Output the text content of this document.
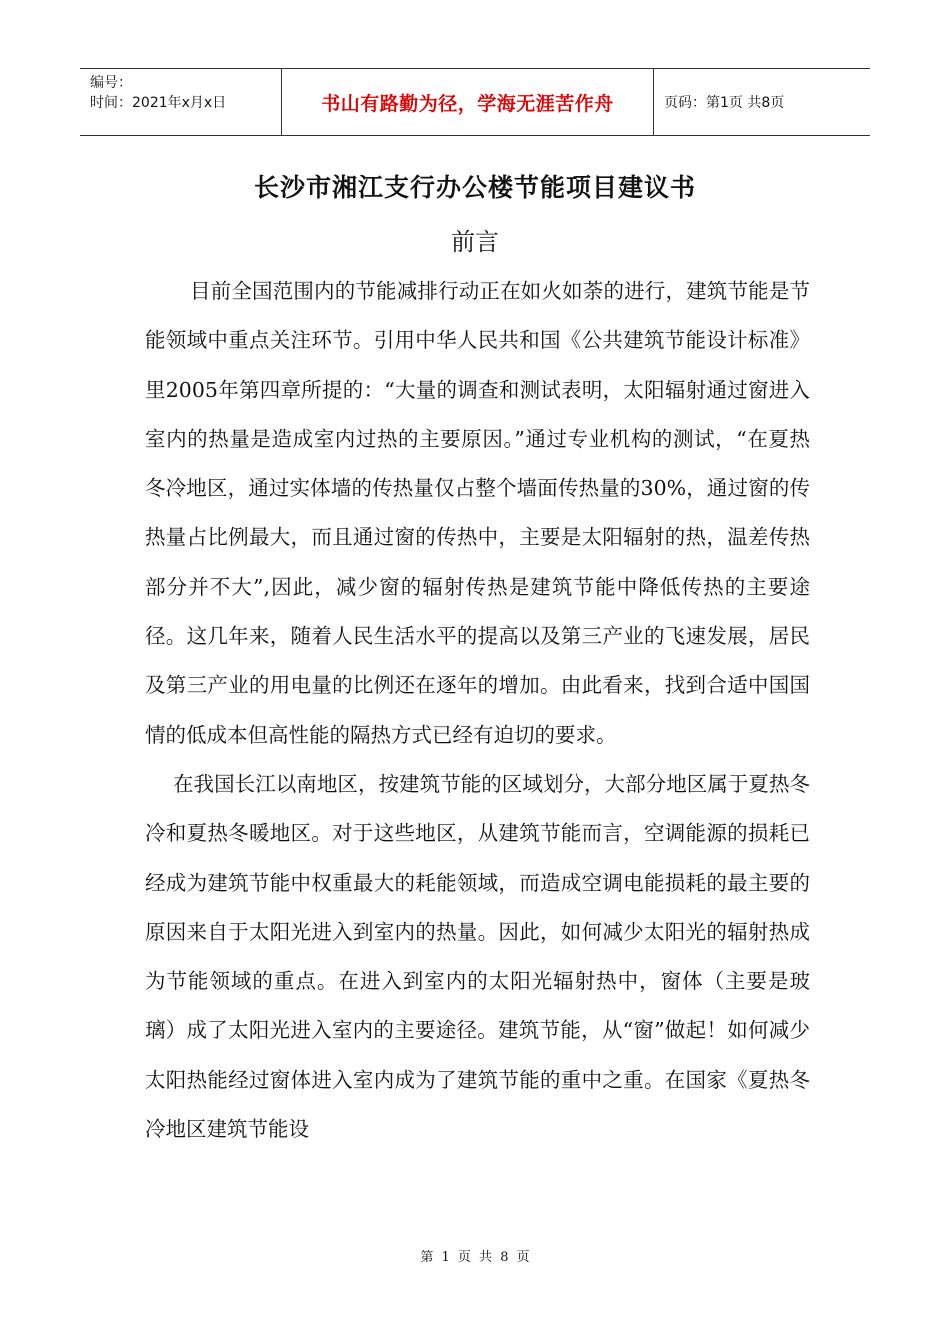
编号：
时间：2021年x月x日	书山有路勤为径，学海无涯苦作舟	页码：第1页 共8页
长沙市湘江支行办公楼节能项目建议书
前言

目前全国范围内的节能减排行动正在如火如荼的进行，建筑节能是节能领域中重点关注环节。引用中华人民共和国《公共建筑节能设计标准》里2005年第四章所提的：“大量的调查和测试表明，太阳辐射通过窗进入室内的热量是造成室内过热的主要原因。”通过专业机构的测试，“在夏热冬冷地区，通过实体墙的传热量仅占整个墙面传热量的30%，通过窗的传热量占比例最大，而且通过窗的传热中，主要是太阳辐射的热，温差传热部分并不大”,因此，减少窗的辐射传热是建筑节能中降低传热的主要途径。这几年来，随着人民生活水平的提高以及第三产业的飞速发展，居民及第三产业的用电量的比例还在逐年的增加。由此看来，找到合适中国国情的低成本但高性能的隔热方式已经有迫切的要求。

在我国长江以南地区，按建筑节能的区域划分，大部分地区属于夏热冬冷和夏热冬暖地区。对于这些地区，从建筑节能而言，空调能源的损耗已经成为建筑节能中权重最大的耗能领域，而造成空调电能损耗的最主要的原因来自于太阳光进入到室内的热量。因此，如何减少太阳光的辐射热成为节能领域的重点。在进入到室内的太阳光辐射热中，窗体（主要是玻璃）成了太阳光进入室内的主要途径。建筑节能，从“窗”做起！如何减少太阳热能经过窗体进入室内成为了建筑节能的重中之重。在国家《夏热冬冷地区建筑节能设

第 1 页 共 8 页
